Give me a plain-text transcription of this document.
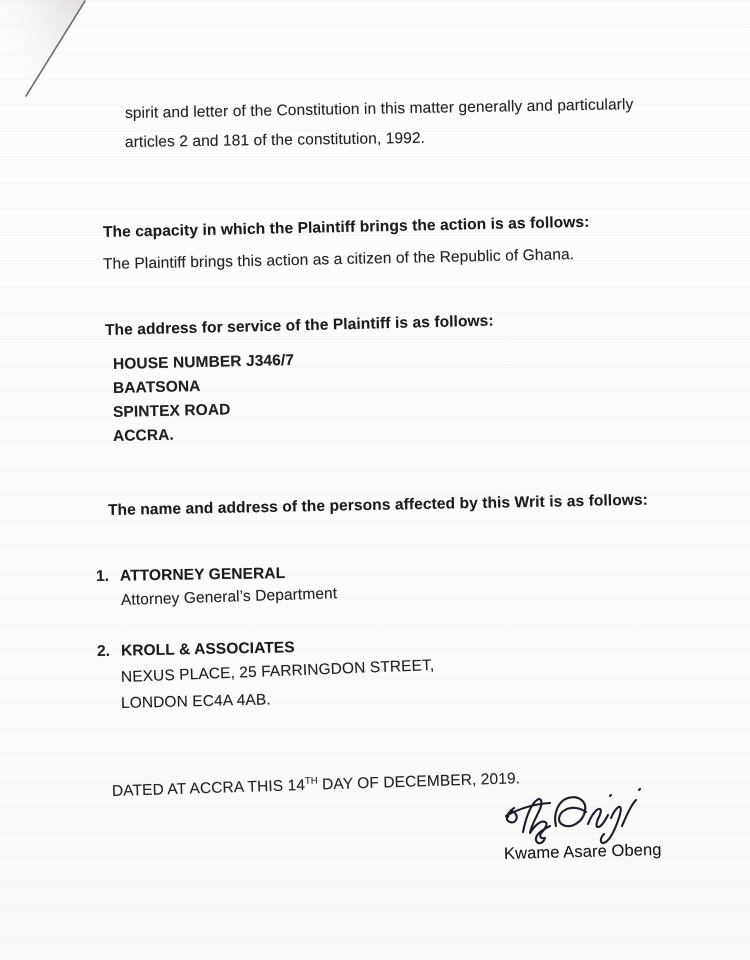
spirit and letter of the Constitution in this matter generally and particularly
articles 2 and 181 of the constitution, 1992.
The capacity in which the Plaintiff brings the action is as follows:
The Plaintiff brings this action as a citizen of the Republic of Ghana.
The address for service of the Plaintiff is as follows:
HOUSE NUMBER J346/7
BAATSONA
SPINTEX ROAD
ACCRA.
The name and address of the persons affected by this Writ is as follows:
1. ATTORNEY GENERAL
Attorney General’s Department
2. KROLL & ASSOCIATES
NEXUS PLACE, 25 FARRINGDON STREET,
LONDON EC4A 4AB.
DATED AT ACCRA THIS 14TH DAY OF DECEMBER, 2019.
Kwame Asare Obeng
